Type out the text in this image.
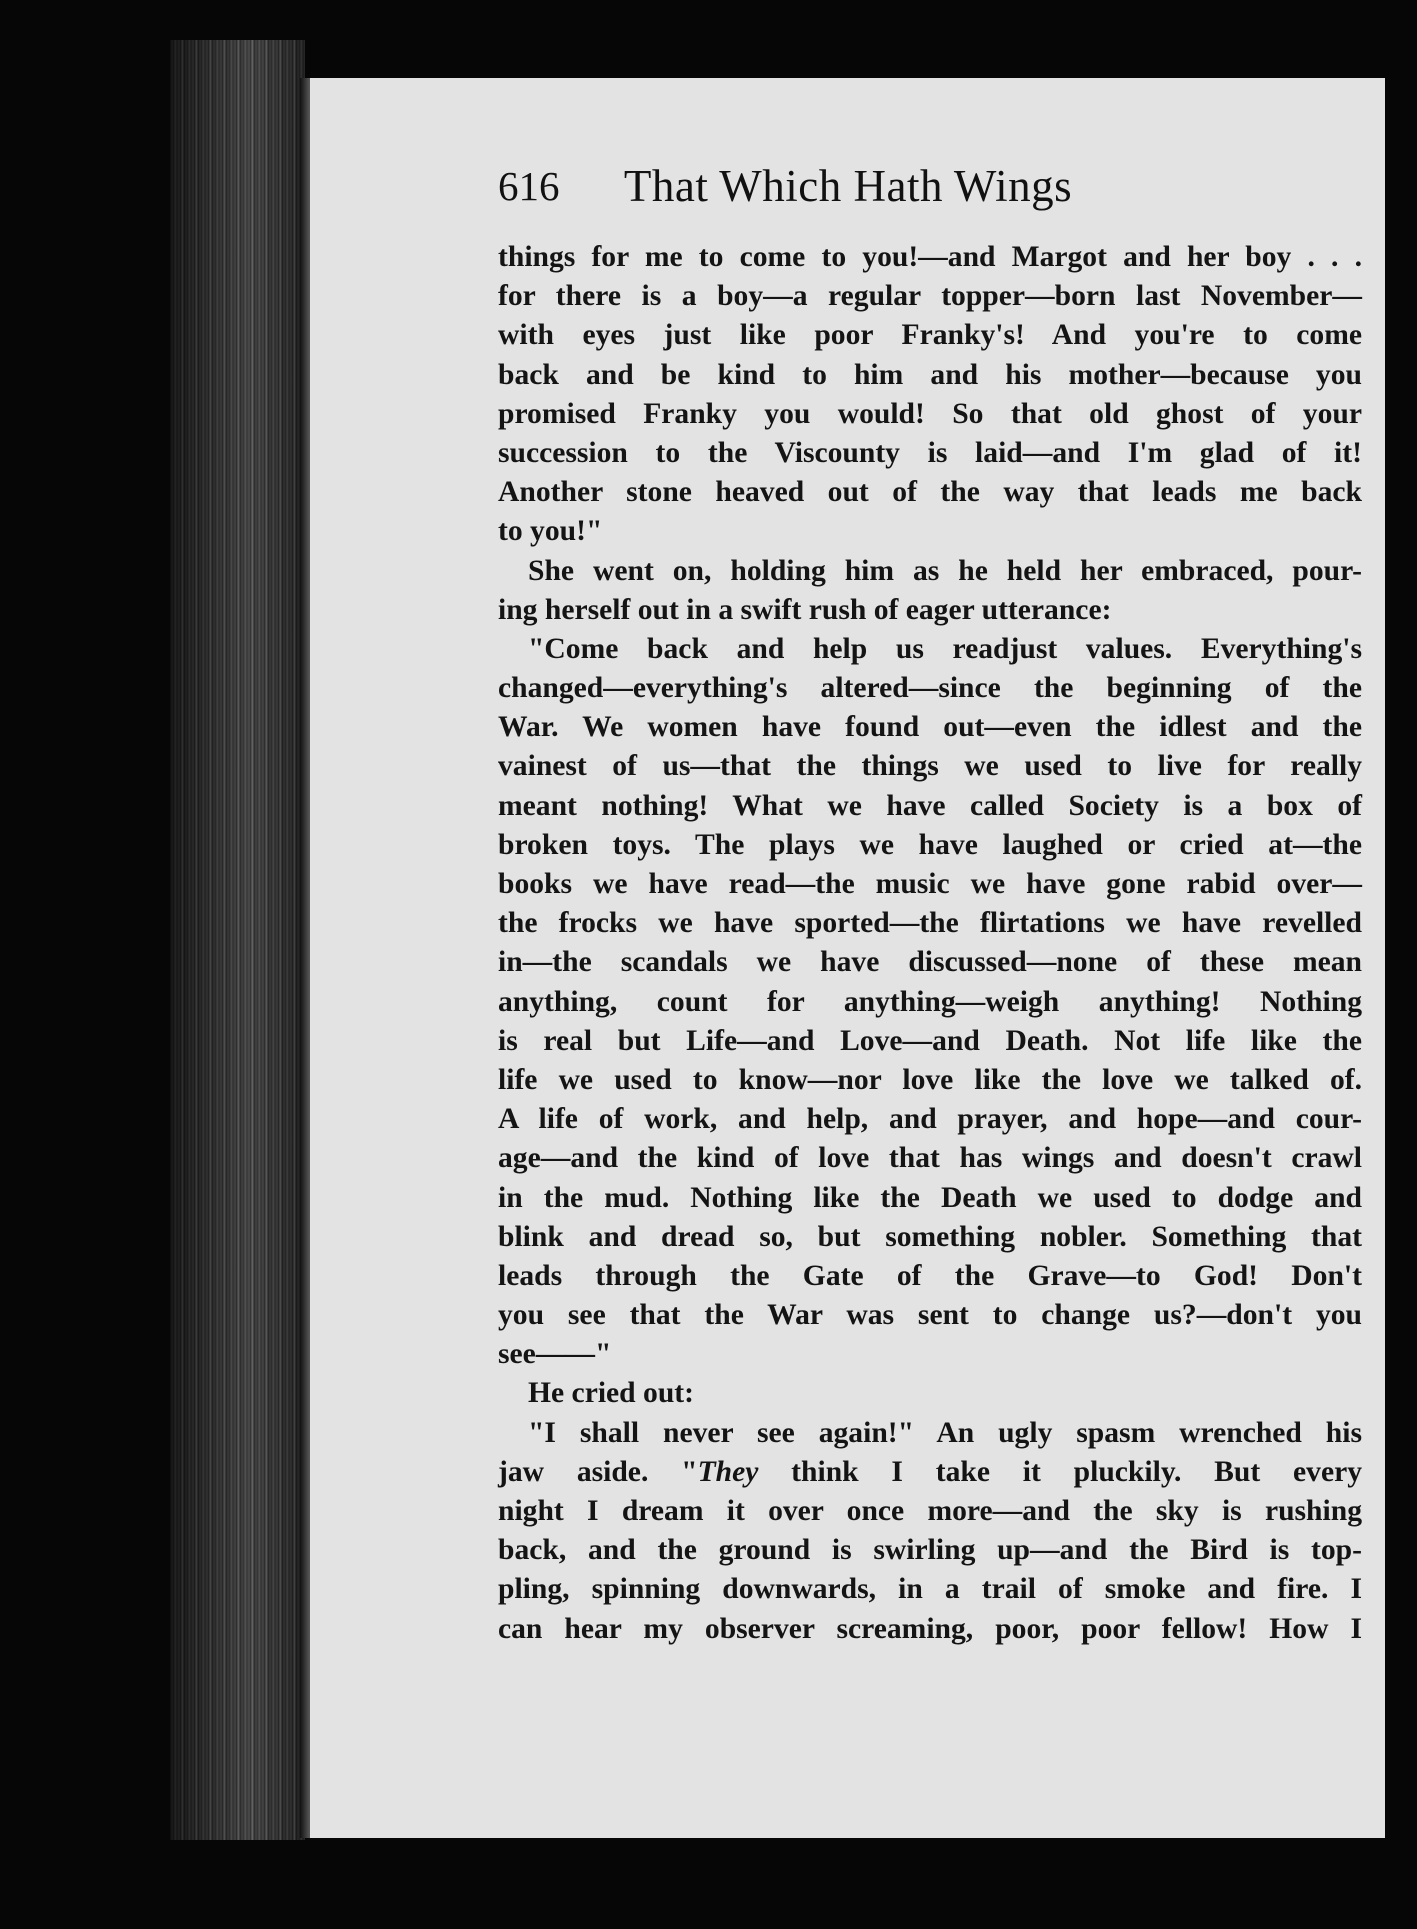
616	That Which Hath Wings
things for me to come to you!—and Margot and her boy . . .
for there is a boy—a regular topper—born last November—
with eyes just like poor Franky's! And you're to come
back and be kind to him and his mother—because you
promised Franky you would! So that old ghost of your
succession to the Viscounty is laid—and I'm glad of it!
Another stone heaved out of the way that leads me back
to you!"
She went on, holding him as he held her embraced, pour-
ing herself out in a swift rush of eager utterance:
"Come back and help us readjust values. Everything's
changed—everything's altered—since the beginning of the
War. We women have found out—even the idlest and the
vainest of us—that the things we used to live for really
meant nothing! What we have called Society is a box of
broken toys. The plays we have laughed or cried at—the
books we have read—the music we have gone rabid over—
the frocks we have sported—the flirtations we have revelled
in—the scandals we have discussed—none of these mean
anything, count for anything—weigh anything! Nothing
is real but Life—and Love—and Death. Not life like the
life we used to know—nor love like the love we talked of.
A life of work, and help, and prayer, and hope—and cour-
age—and the kind of love that has wings and doesn't crawl
in the mud. Nothing like the Death we used to dodge and
blink and dread so, but something nobler. Something that
leads through the Gate of the Grave—to God! Don't
you see that the War was sent to change us?—don't you
see——"
He cried out:
"I shall never see again!" An ugly spasm wrenched his
jaw aside. "They think I take it pluckily. But every
night I dream it over once more—and the sky is rushing
back, and the ground is swirling up—and the Bird is top-
pling, spinning downwards, in a trail of smoke and fire. I
can hear my observer screaming, poor, poor fellow! How I
